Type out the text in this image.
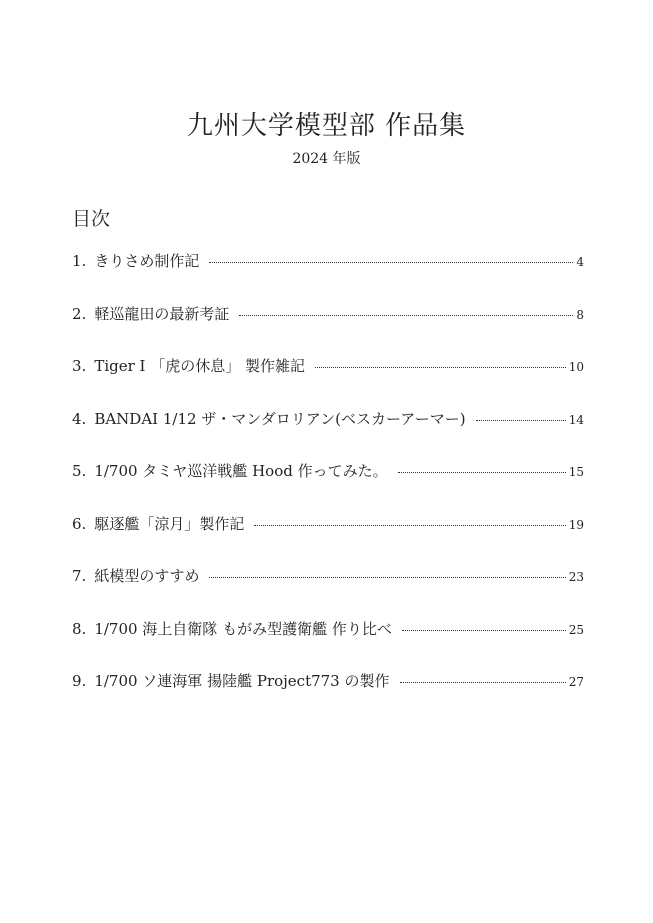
九州大学模型部 作品集
2024 年版
目次
1. きりさめ制作記	4
2. 軽巡龍田の最新考証	8
3. Tiger I 「虎の休息」 製作雑記	10
4. BANDAI 1/12 ザ・マンダロリアン(ベスカーアーマー)	14
5. 1/700 タミヤ巡洋戦艦 Hood 作ってみた。	15
6. 駆逐艦「涼月」製作記	19
7. 紙模型のすすめ	23
8. 1/700 海上自衛隊 もがみ型護衛艦 作り比べ	25
9. 1/700 ソ連海軍 揚陸艦 Project773 の製作	27
